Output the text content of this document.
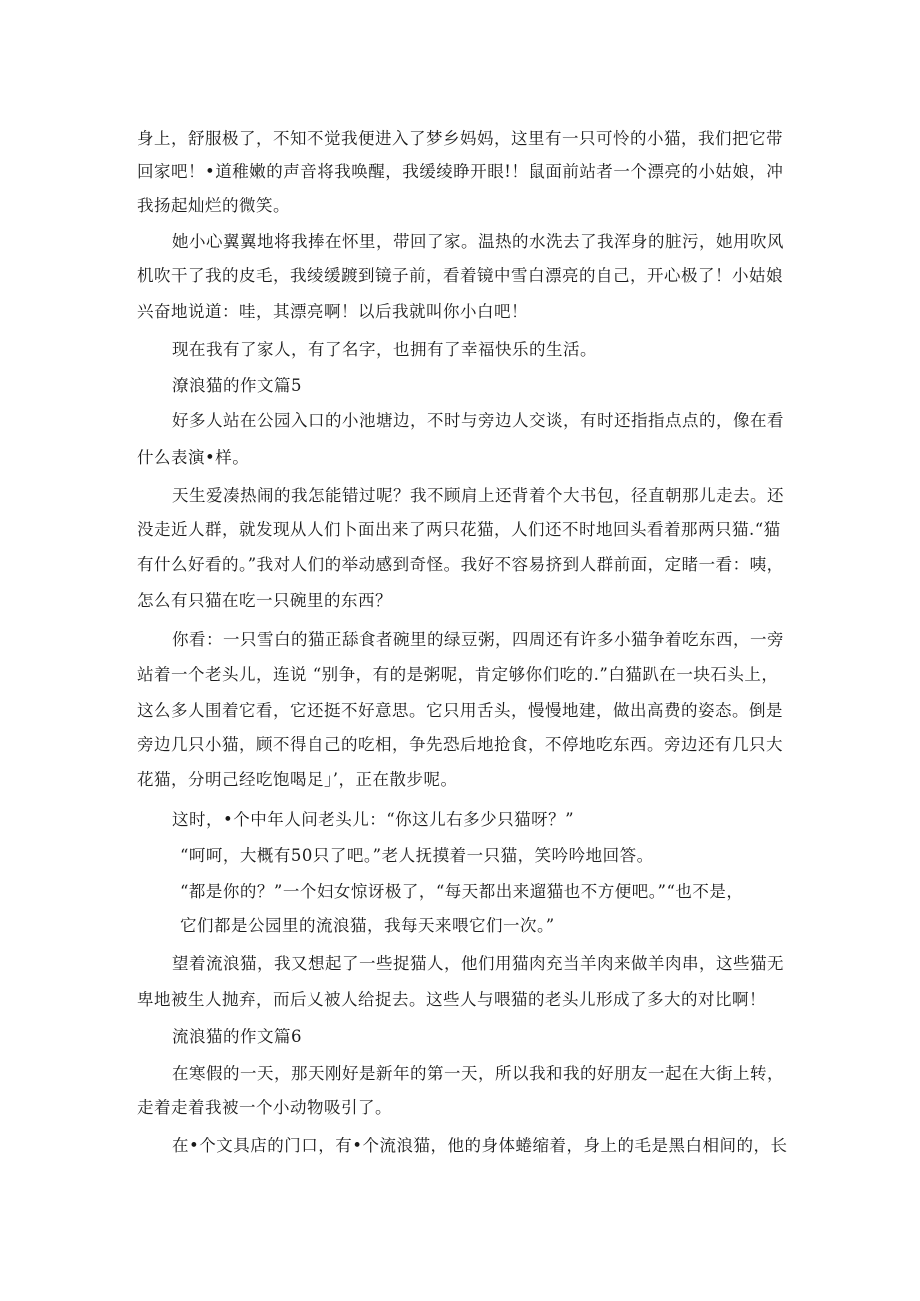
身上，舒服极了，不知不觉我便进入了梦乡妈妈，这里有一只可怜的小猫，我们把它带
回家吧！•道稚嫩的声音将我唤醒，我缓绫睁开眼!！鼠面前站者一个漂亮的小姑娘，冲
我扬起灿烂的微笑。
她小心翼翼地将我捧在怀里，带回了家。温热的水洗去了我浑身的脏污，她用吹风
机吹干了我的皮毛，我绫缓踱到镜子前，看着镜中雪白漂亮的自己，开心极了！小姑娘
兴奋地说道：哇，其漂亮啊！以后我就叫你小白吧！
现在我有了家人，有了名字，也拥有了幸福快乐的生活。
潦浪猫的作文篇5
好多人站在公园入口的小池塘边，不时与旁边人交谈，有时还指指点点的，像在看
什么表演•样。
天生爱凑热闹的我怎能错过呢？我不顾肩上还背着个大书包，径直朝那儿走去。还
没走近人群，就发现从人们卜面出来了两只花猫，人们还不时地回头看着那两只猫.“猫
有什么好看的。”我对人们的举动感到奇怪。我好不容易挤到人群前面，定睹一看：咦，
怎么有只猫在吃一只碗里的东西？
你看：一只雪白的猫正舔食者碗里的绿豆粥，四周还有许多小猫争着吃东西，一旁
站着一个老头儿，连说 “别争，有的是粥呢，肯定够你们吃的.”白猫趴在一块石头上，
这么多人围着它看，它还挺不好意思。它只用舌头，慢慢地建，做出高费的姿态。倒是
旁边几只小猫，顾不得自己的吃相，争先恐后地抢食，不停地吃东西。旁边还有几只大
花猫，分明己经吃饱喝足」’，正在散步呢。
这时，•个中年人问老头儿：“你这儿右多少只猫呀？”
“呵呵，大概有50只了吧。”老人抚摸着一只猫，笑吟吟地回答。
“都是你的？”一个妇女惊讶极了，“每天都出来遛猫也不方便吧。”“也不是，
它们都是公园里的流浪猫，我每天来喂它们一次。”
望着流浪猫，我又想起了一些捉猫人，他们用猫肉充当羊肉来做羊肉串，这些猫无
卑地被生人抛弃，而后乂被人给捉去。这些人与喂猫的老头儿形成了多大的对比啊！
流浪猫的作文篇6
在寒假的一天，那天刚好是新年的第一天，所以我和我的好朋友一起在大街上转，
走着走着我被一个小动物吸引了。
在•个文具店的门口，有•个流浪猫，他的身体蜷缩着，身上的毛是黑白相间的，长
